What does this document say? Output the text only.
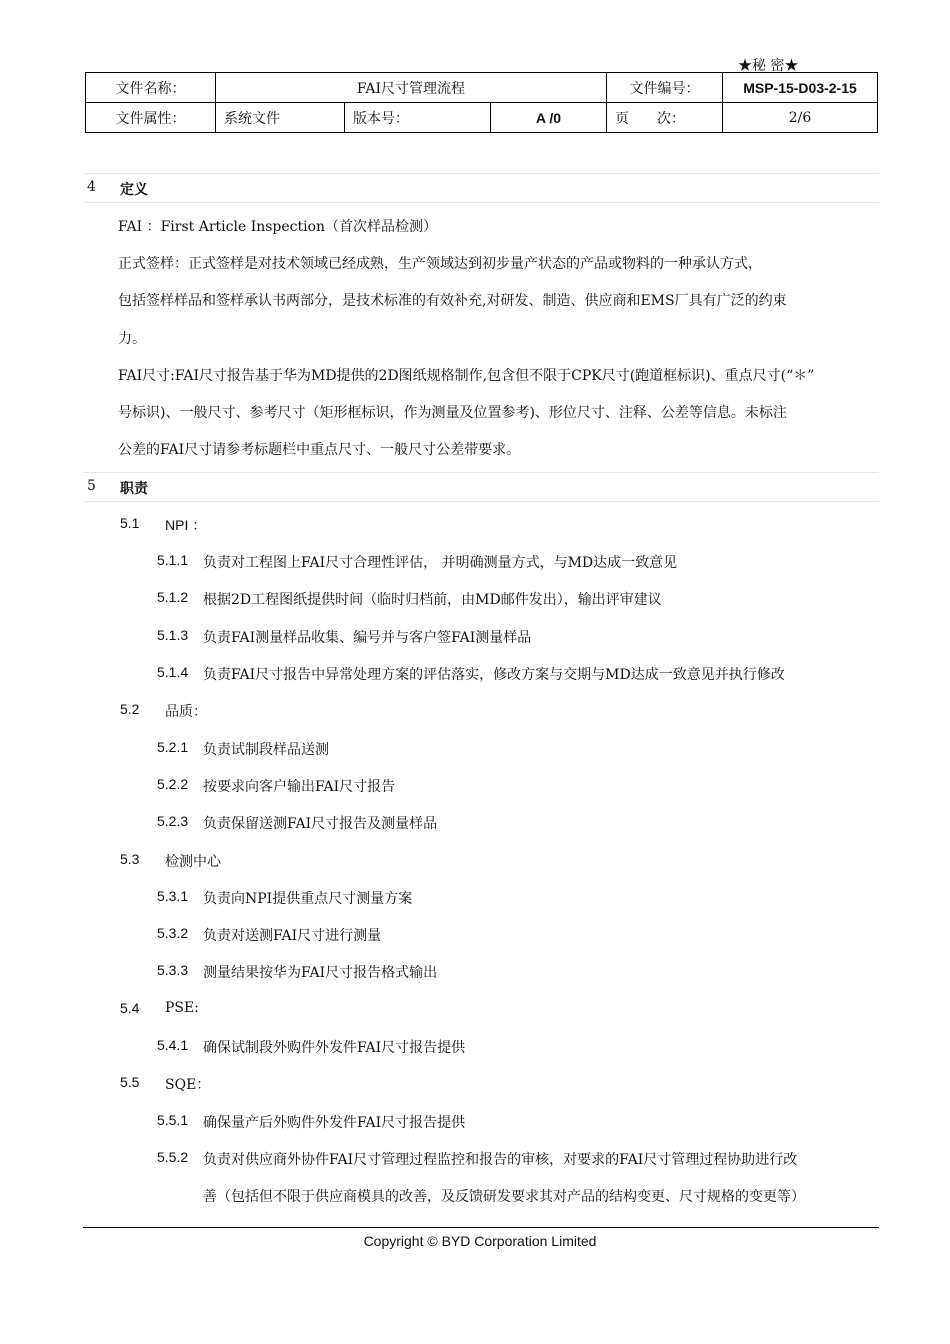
★秘 密★
文件名称：	FAI尺寸管理流程			文件编号：	MSP-15-D03-2-15
文件属性：	系统文件	版本号：	A /0	页　　次：	2/6
4 定义
FAI ：First Article Inspection（首次样品检测）
正式签样：正式签样是对技术领域已经成熟，生产领域达到初步量产状态的产品或物料的一种承认方式，
包括签样样品和签样承认书两部分，是技术标准的有效补充,对研发、制造、供应商和EMS厂具有广泛的约束
力。
FAI尺寸:FAI尺寸报告基于华为MD提供的2D图纸规格制作,包含但不限于CPK尺寸(跑道框标识)、重点尺寸(“＊”
号标识)、一般尺寸、参考尺寸（矩形框标识，作为测量及位置参考)、形位尺寸、注释、公差等信息。未标注
公差的FAI尺寸请参考标题栏中重点尺寸、一般尺寸公差带要求。
5 职责
5.1 NPI ：
5.1.1 负责对工程图上FAI尺寸合理性评估， 并明确测量方式，与MD达成一致意见
5.1.2 根据2D工程图纸提供时间（临时归档前，由MD邮件发出），输出评审建议
5.1.3 负责FAI测量样品收集、编号并与客户签FAI测量样品
5.1.4 负责FAI尺寸报告中异常处理方案的评估落实，修改方案与交期与MD达成一致意见并执行修改
5.2 品质：
5.2.1 负责试制段样品送测
5.2.2 按要求向客户输出FAI尺寸报告
5.2.3 负责保留送测FAI尺寸报告及测量样品
5.3 检测中心
5.3.1 负责向NPI提供重点尺寸测量方案
5.3.2 负责对送测FAI尺寸进行测量
5.3.3 测量结果按华为FAI尺寸报告格式输出
5.4 PSE:
5.4.1 确保试制段外购件外发件FAI尺寸报告提供
5.5 SQE：
5.5.1 确保量产后外购件外发件FAI尺寸报告提供
5.5.2 负责对供应商外协件FAI尺寸管理过程监控和报告的审核，对要求的FAI尺寸管理过程协助进行改
善（包括但不限于供应商模具的改善，及反馈研发要求其对产品的结构变更、尺寸规格的变更等）
Copyright © BYD Corporation Limited
